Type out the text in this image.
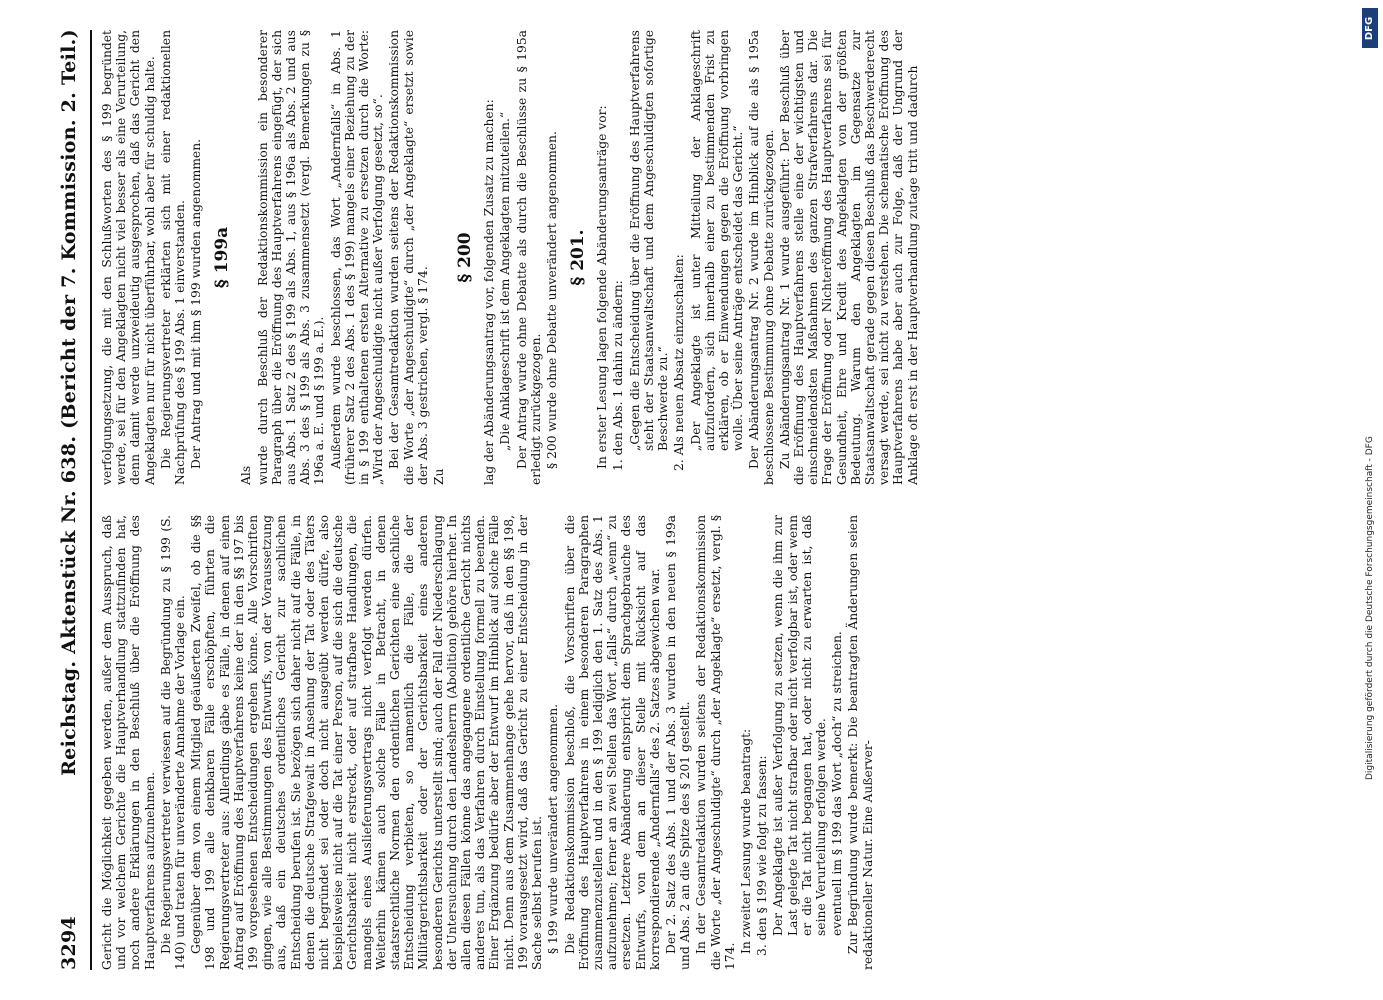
3294
Reichstag. Aktenstück Nr. 638. (Bericht der 7. Kommission. 2. Teil.) Gericht die Möglichkeit gegeben werden, außer dem Ausspruch, daß und vor welchem Gerichte die Hauptverhandlung stattzufinden hat, noch andere Erklärungen in den Beschluß über die Eröffnung des Hauptverfahrens aufzunehmen. Die Regierungsvertreter verwiesen auf die Begründung zu § 199 (S. 140) und traten für unveränderte Annahme der Vorlage ein. Gegenüber dem von einem Mitglied geäußerten Zweifel, ob die §§ 198 und 199 alle denkbaren Fälle erschöpften, führten die Regierungsvertreter aus: Allerdings gäbe es Fälle, in denen auf einen Antrag auf Eröffnung des Hauptverfahrens keine der in den §§ 197 bis 199 vorgesehenen Entscheidungen ergehen könne. Alle Vorschriften gingen, wie alle Bestimmungen des Entwurfs, von der Voraussetzung aus, daß ein deutsches ordentliches Gericht zur sachlichen Entscheidung berufen ist. Sie bezögen sich daher nicht auf die Fälle, in denen die deutsche Strafgewalt in Ansehung der Tat oder des Täters nicht begründet sei oder doch nicht ausgeübt werden dürfe, also beispielsweise nicht auf die Tat einer Person, auf die sich die deutsche Gerichtsbarkeit nicht erstreckt, oder auf strafbare Handlungen, die mangels eines Auslieferungsvertrags nicht verfolgt werden dürfen. Weiterhin kämen auch solche Fälle in Betracht, in denen staatsrechtliche Normen den ordentlichen Gerichten eine sachliche Entscheidung verbieten, so namentlich die Fälle, die der Militärgerichtsbarkeit oder der Gerichtsbarkeit eines anderen besonderen Gerichts unterstellt sind; auch der Fall der Niederschlagung der Untersuchung durch den Landesherrn (Abolition) gehöre hierher. In allen diesen Fällen könne das angegangene ordentliche Gericht nichts anderes tun, als das Verfahren durch Einstellung formell zu beenden. Einer Ergänzung bedürfe aber der Entwurf im Hinblick auf solche Fälle nicht. Denn aus dem Zusammenhange gehe hervor, daß in den §§ 198, 199 vorausgesetzt wird, daß das Gericht zu einer Entscheidung in der Sache selbst berufen ist. § 199 wurde unverändert angenommen. Die Redaktionskommission beschloß, die Vorschriften über die Eröffnung des Hauptverfahrens in einem besonderen Paragraphen zusammenzustellen und in den § 199 lediglich den 1. Satz des Abs. 1 aufzunehmen; ferner an zwei Stellen das Wort „falls“ durch „wenn“ zu ersetzen. Letztere Abänderung entspricht dem Sprachgebrauche des Entwurfs, von dem an dieser Stelle mit Rücksicht auf das korrespondierende „Andernfalls“ des 2. Satzes abgewichen war. Der 2. Satz des Abs. 1 und der Abs. 3 wurden in den neuen § 199a und Abs. 2 an die Spitze des § 201 gestellt. In der Gesamtredaktion wurden seitens der Redaktionskommission die Worte „der Angeschuldigte“ durch „der Angeklagte“ ersetzt, vergl. § 174.

In zweiter Lesung wurde beantragt: 3. den § 199 wie folgt zu fassen: Der Angeklagte ist außer Verfolgung zu setzen, wenn die ihm zur Last gelegte Tat nicht strafbar oder nicht verfolgbar ist, oder wenn er die Tat nicht begangen hat, oder nicht zu erwarten ist, daß seine Verurteilung erfolgen werde. eventuell im § 199 das Wort „doch“ zu streichen. Zur Begründung wurde bemerkt: Die beantragten Änderungen seien redaktioneller Natur. Eine Außerver-

verfolgungsetzung, die mit den Schlußworten des § 199 begründet werde, sei für den Angeklagten nicht viel besser als eine Verurteilung, denn damit werde unzweideutig ausgesprochen, daß das Gericht den Angeklagten nur für nicht überführbar, wohl aber für schuldig halte. Die Regierungsvertreter erklärten sich mit einer redaktionellen Nachprüfung des § 199 Abs. 1 einverstanden. Der Antrag und mit ihm § 199 wurden angenommen. § 199a

Als wurde durch Beschluß der Redaktionskommission ein besonderer Paragraph über die Eröffnung des Hauptverfahrens eingefügt, der sich aus Abs. 1 Satz 2 des § 199 als Abs. 1, aus § 196a als Abs. 2 und aus Abs. 3 des § 199 als Abs. 3 zusammensetzt (vergl. Bemerkungen zu § 196a a. E. und § 199 a. E.). Außerdem wurde beschlossen, das Wort „Andernfalls“ in Abs. 1 (früherer Satz 2 des Abs. 1 des § 199) mangels einer Beziehung zu der in § 199 enthaltenen ersten Alternative zu ersetzen durch die Worte: „Wird der Angeschuldigte nicht außer Verfolgung gesetzt, so“. Bei der Gesamtredaktion wurden seitens der Redaktionskommission die Worte „der Angeschuldigte“ durch „der Angeklagte“ ersetzt sowie der Abs. 3 gestrichen, vergl. § 174. Zu

§ 200 lag der Abänderungsantrag vor, folgenden Zusatz zu machen: „Die Anklageschrift ist dem Angeklagten mitzuteilen.“ Der Antrag wurde ohne Debatte als durch die Beschlüsse zu § 195a erledigt zurückgezogen. § 200 wurde ohne Debatte unverändert angenommen. § 201. In erster Lesung lagen folgende Abänderungsanträge vor: 1. den Abs. 1 dahin zu ändern: „Gegen die Entscheidung über die Eröffnung des Hauptverfahrens steht der Staatsanwaltschaft und dem Angeschuldigten sofortige Beschwerde zu.“ 2. Als neuen Absatz einzuschalten: „Der Angeklagte ist unter Mitteilung der Anklageschrift aufzufordern, sich innerhalb einer zu bestimmenden Frist zu erklären, ob er Einwendungen gegen die Eröffnung vorbringen wolle. Über seine Anträge entscheidet das Gericht.“ Der Abänderungsantrag Nr. 2 wurde im Hinblick auf die als § 195a beschlossene Bestimmung ohne Debatte zurückgezogen. Zu Abänderungsantrag Nr. 1 wurde ausgeführt: Der Beschluß über die Eröffnung des Hauptverfahrens stelle eine der wichtigsten und einschneidendsten Maßnahmen des ganzen Strafverfahrens dar. Die Frage der Eröffnung oder Nichteröffnung des Hauptverfahrens sei für Gesundheit, Ehre und Kredit des Angeklagten von der größten Bedeutung. Warum den Angeklagten im Gegensatze zur Staatsanwaltschaft gerade gegen diesen Beschluß das Beschwerderecht versagt werde, sei nicht zu verstehen. Die schematische Eröffnung des Hauptverfahrens habe aber auch zur Folge, daß der Ungrund der Anklage oft erst in der Hauptverhandlung zutage tritt und dadurch

DFG
Digitalisierung gefördert durch die Deutsche Forschungsgemeinschaft - DFG
